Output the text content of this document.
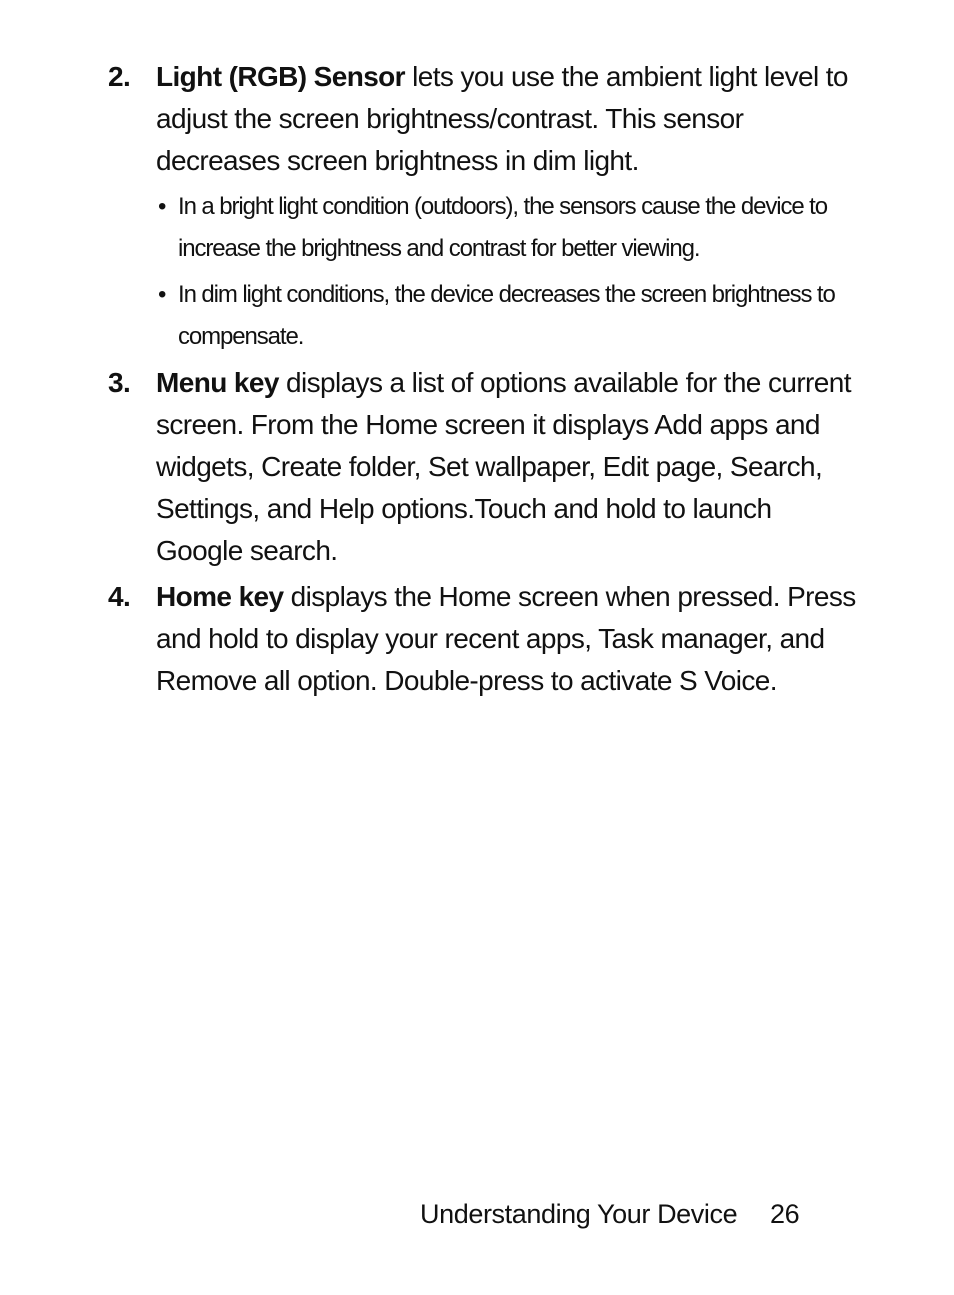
2. Light (RGB) Sensor lets you use the ambient light level to adjust the screen brightness/contrast. This sensor decreases screen brightness in dim light.
• In a bright light condition (outdoors), the sensors cause the device to increase the brightness and contrast for better viewing.
• In dim light conditions, the device decreases the screen brightness to compensate.
3. Menu key displays a list of options available for the current screen. From the Home screen it displays Add apps and widgets, Create folder, Set wallpaper, Edit page, Search, Settings, and Help options.Touch and hold to launch Google search.
4. Home key displays the Home screen when pressed. Press and hold to display your recent apps, Task manager, and Remove all option. Double-press to activate S Voice.
Understanding Your Device 26
